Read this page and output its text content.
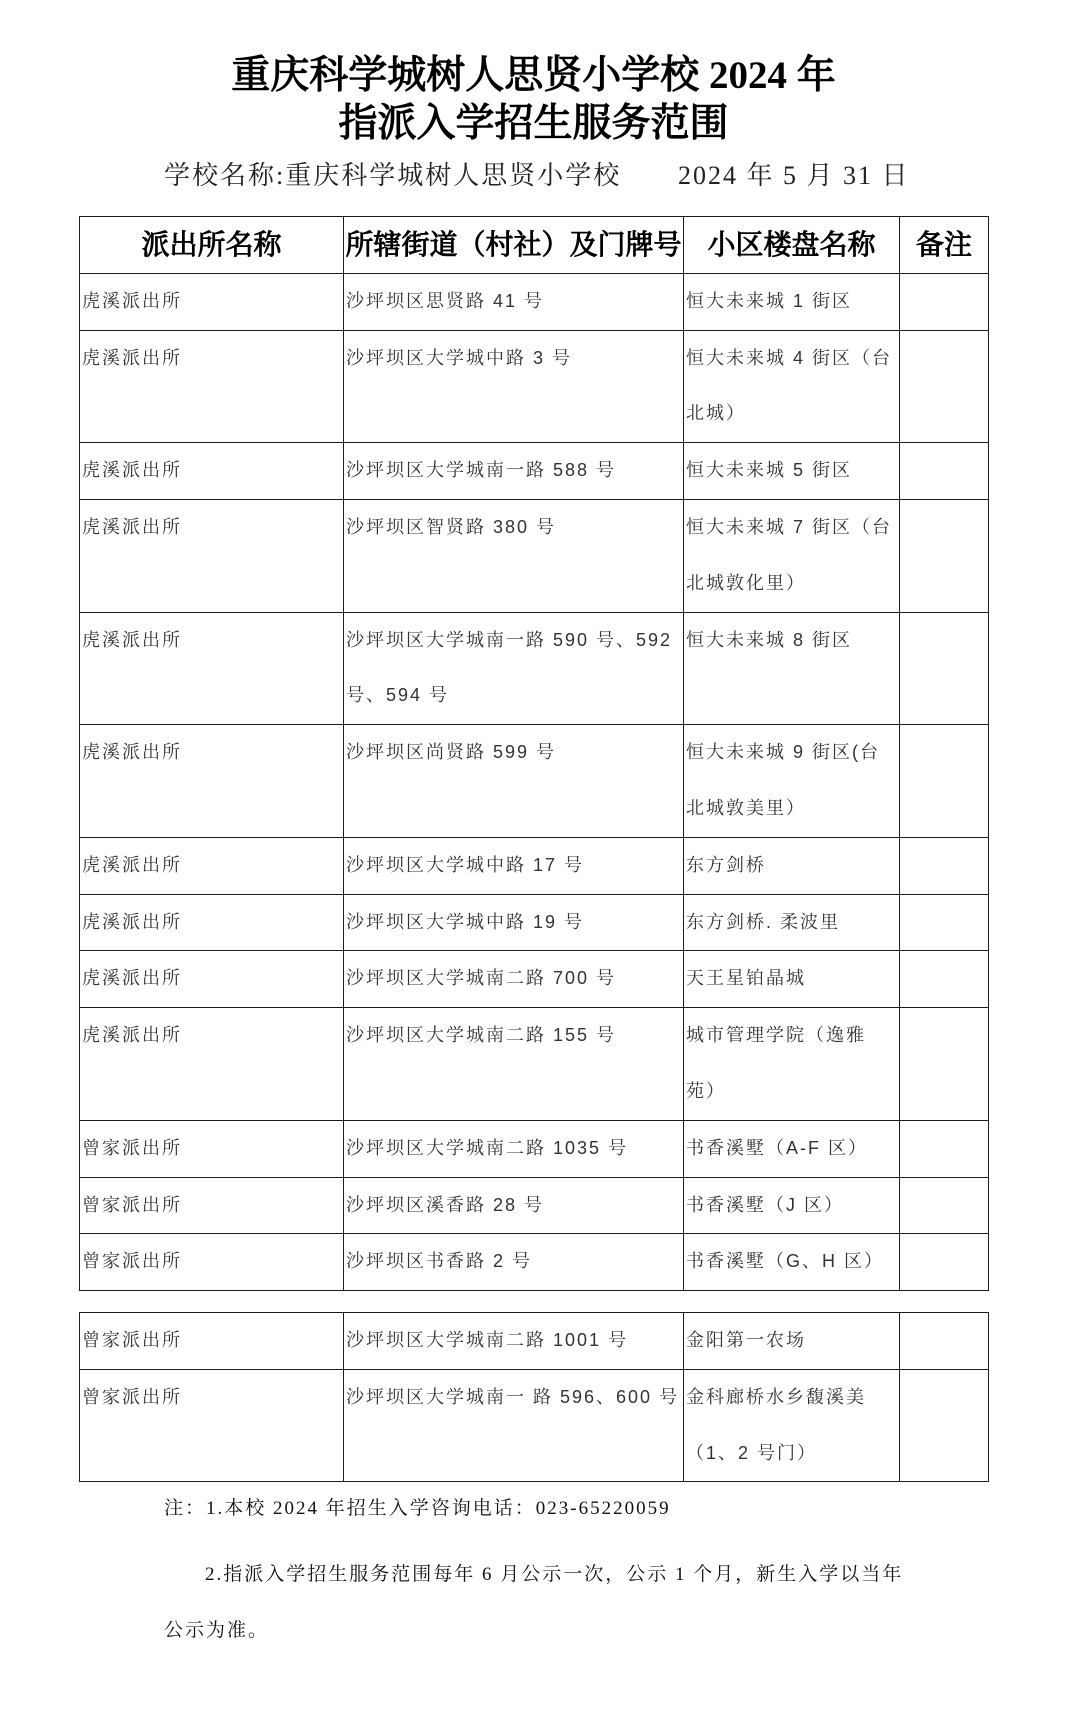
重庆科学城树人思贤小学校 2024 年
指派入学招生服务范围
学校名称:重庆科学城树人思贤小学校 2024 年 5 月 31 日
派出所名称	所辖街道（村社）及门牌号	小区楼盘名称	备注

虎溪派出所	沙坪坝区思贤路 41 号	恒大未来城 1 街区	

虎溪派出所	沙坪坝区大学城中路 3 号	恒大未来城 4 街区（台
北城）	

虎溪派出所	沙坪坝区大学城南一路 588 号	恒大未来城 5 街区	

虎溪派出所	沙坪坝区智贤路 380 号	恒大未来城 7 街区（台
北城敦化里）	

虎溪派出所	沙坪坝区大学城南一路 590 号、592
号、594 号	恒大未来城 8 街区	

虎溪派出所	沙坪坝区尚贤路 599 号	恒大未来城 9 街区(台
北城敦美里）	

虎溪派出所	沙坪坝区大学城中路 17 号	东方剑桥	

虎溪派出所	沙坪坝区大学城中路 19 号	东方剑桥. 柔波里	

虎溪派出所	沙坪坝区大学城南二路 700 号	天王星铂晶城	

虎溪派出所	沙坪坝区大学城南二路 155 号	城市管理学院（逸雅
苑）	

曾家派出所	沙坪坝区大学城南二路 1035 号	书香溪墅（A-F 区）	

曾家派出所	沙坪坝区溪香路 28 号	书香溪墅（J 区）	

曾家派出所	沙坪坝区书香路 2 号	书香溪墅（G、H 区）	

曾家派出所	沙坪坝区大学城南二路 1001 号	金阳第一农场	

曾家派出所	沙坪坝区大学城南一 路 596、600 号	金科廊桥水乡馥溪美
（1、2 号门）	

注：1.本校 2024 年招生入学咨询电话：023-65220059
2.指派入学招生服务范围每年 6 月公示一次，公示 1 个月，新生入学以当年
公示为准。
